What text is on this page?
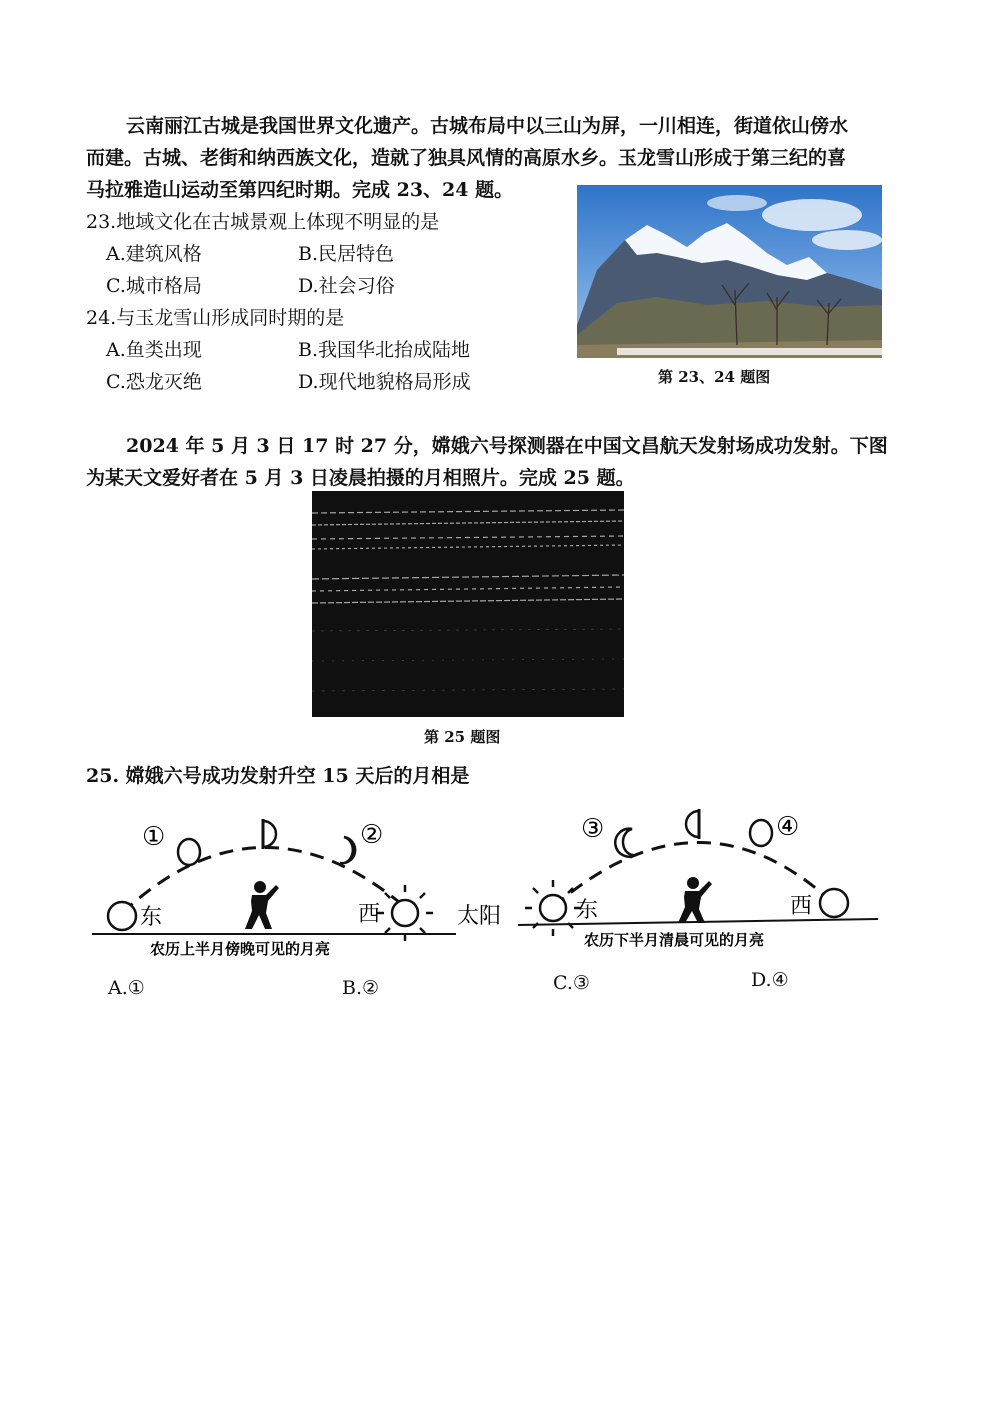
云南丽江古城是我国世界文化遗产。古城布局中以三山为屏，一川相连，街道依山傍水
而建。古城、老街和纳西族文化，造就了独具风情的高原水乡。玉龙雪山形成于第三纪的喜
马拉雅造山运动至第四纪时期。完成 23、24 题。
23.地域文化在古城景观上体现不明显的是
A.建筑风格	B.民居特色
C.城市格局	D.社会习俗
24.与玉龙雪山形成同时期的是
A.鱼类出现	B.我国华北抬成陆地
C.恐龙灭绝	D.现代地貌格局形成	第 23、24 题图
2024 年 5 月 3 日 17 时 27 分，嫦娥六号探测器在中国文昌航天发射场成功发射。下图
为某天文爱好者在 5 月 3 日凌晨拍摄的月相照片。完成 25 题。
第 25 题图
25. 嫦娥六号成功发射升空 15 天后的月相是
①	②
东	西
农历上半月傍晚可见的月亮
太阳
③	④
东	西
农历下半月清晨可见的月亮
A.①	B.②	C.③	D.④
